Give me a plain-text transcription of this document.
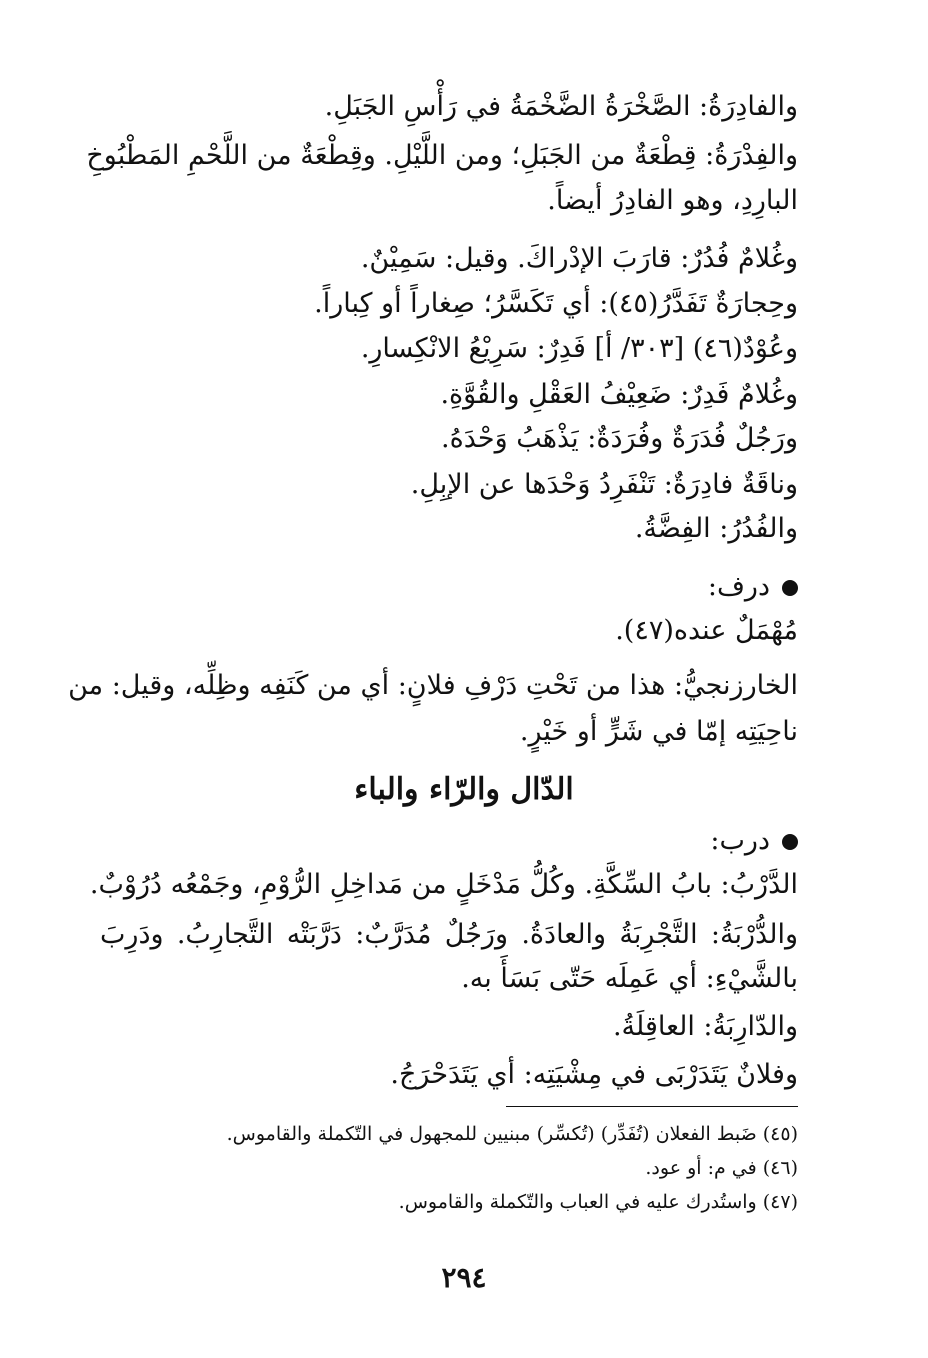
والفادِرَةُ: الصَّخْرَةُ الضَّخْمَةُ في رَأْسِ الجَبَلِ.
والفِدْرَةُ: قِطْعَةٌ من الجَبَلِ؛ ومن اللَّيْلِ. وقِطْعَةٌ من اللَّحْمِ المَطْبُوخِ
البارِدِ، وهو الفادِرُ أيضاً.
وغُلامٌ فُدُرٌ: قارَبَ الإدْراكَ. وقيل: سَمِيْنٌ.
وحِجارَةٌ تَفَدَّرُ(٤٥): أي تَكَسَّرُ؛ صِغاراً أو كِباراً.
وعُوْدٌ(٤٦) [٣٠٣/ أ] فَدِرٌ: سَرِيْعُ الانْكِسارِ.
وغُلامٌ فَدِرٌ: ضَعِيْفُ العَقْلِ والقُوَّةِ.
ورَجُلٌ فُدَرَةٌ وفُرَدَةٌ: يَذْهَبُ وَحْدَهُ.
وناقَةٌ فادِرَةٌ: تَنْفَرِدُ وَحْدَها عن الإبِلِ.
والفُدُرُ: الفِضَّةُ.
درف:
مُهْمَلٌ عنده(٤٧).
الخارزنجيُّ: هذا من تَحْتِ دَرْفِ فلانٍ: أي من كَنَفِه وظِلِّه، وقيل: من
ناحِيَتِه إمّا في شَرٍّ أو خَيْرٍ.
الدّال والرّاء والباء
درب:
الدَّرْبُ: بابُ السِّكَّةِ. وكُلُّ مَدْخَلٍ من مَداخِلِ الرُّوْمِ، وجَمْعُه دُرُوْبٌ.
والدُّرْبَةُ: التَّجْرِبَةُ والعادَةُ. ورَجُلٌ مُدَرَّبٌ: دَرَّبَتْه التَّجارِبُ. ودَرِبَ
بالشَّيْءِ: أي عَمِلَه حَتّى بَسَأَ به.
والدّارِبَةُ: العاقِلَةُ.
وفلانٌ يَتَدَرْبَى في مِشْيَتِه: أي يَتَدَحْرَجُ.
(٤٥) ضَبط الفعلان (تُفَدِّر) (تُكسِّر) مبنيين للمجهول في التّكملة والقاموس.
(٤٦) في م: أو عود.
(٤٧) واستُدرك عليه في العباب والتّكملة والقاموس.
٢٩٤
